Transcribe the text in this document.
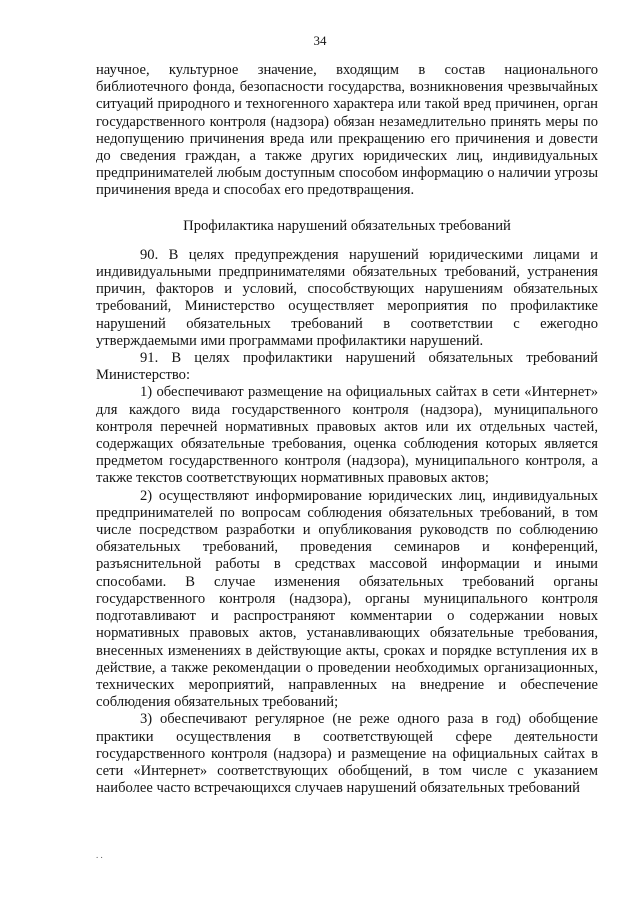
34

научное, культурное значение, входящим в состав национального библиотечного фонда, безопасности государства, возникновения чрезвычайных ситуаций природного и техногенного характера или такой вред причинен, орган государственного контроля (надзора) обязан незамедлительно принять меры по недопущению причинения вреда или прекращению его причинения и довести до сведения граждан, а также других юридических лиц, индивидуальных предпринимателей любым доступным способом информацию о наличии угрозы причинения вреда и способах его предотвращения.

Профилактика нарушений обязательных требований

90. В целях предупреждения нарушений юридическими лицами и индивидуальными предпринимателями обязательных требований, устранения причин, факторов и условий, способствующих нарушениям обязательных требований, Министерство осуществляет мероприятия по профилактике нарушений обязательных требований в соответствии с ежегодно утверждаемыми ими программами профилактики нарушений.

91. В целях профилактики нарушений обязательных требований Министерство:

1) обеспечивают размещение на официальных сайтах в сети «Интернет» для каждого вида государственного контроля (надзора), муниципального контроля перечней нормативных правовых актов или их отдельных частей, содержащих обязательные требования, оценка соблюдения которых является предметом государственного контроля (надзора), муниципального контроля, а также текстов соответствующих нормативных правовых актов;

2) осуществляют информирование юридических лиц, индивидуальных предпринимателей по вопросам соблюдения обязательных требований, в том числе посредством разработки и опубликования руководств по соблюдению обязательных требований, проведения семинаров и конференций, разъяснительной работы в средствах массовой информации и иными способами. В случае изменения обязательных требований органы государственного контроля (надзора), органы муниципального контроля подготавливают и распространяют комментарии о содержании новых нормативных правовых актов, устанавливающих обязательные требования, внесенных изменениях в действующие акты, сроках и порядке вступления их в действие, а также рекомендации о проведении необходимых организационных, технических мероприятий, направленных на внедрение и обеспечение соблюдения обязательных требований;

3) обеспечивают регулярное (не реже одного раза в год) обобщение практики осуществления в соответствующей сфере деятельности государственного контроля (надзора) и размещение на официальных сайтах в сети «Интернет» соответствующих обобщений, в том числе с указанием наиболее часто встречающихся случаев нарушений обязательных требований

. .
